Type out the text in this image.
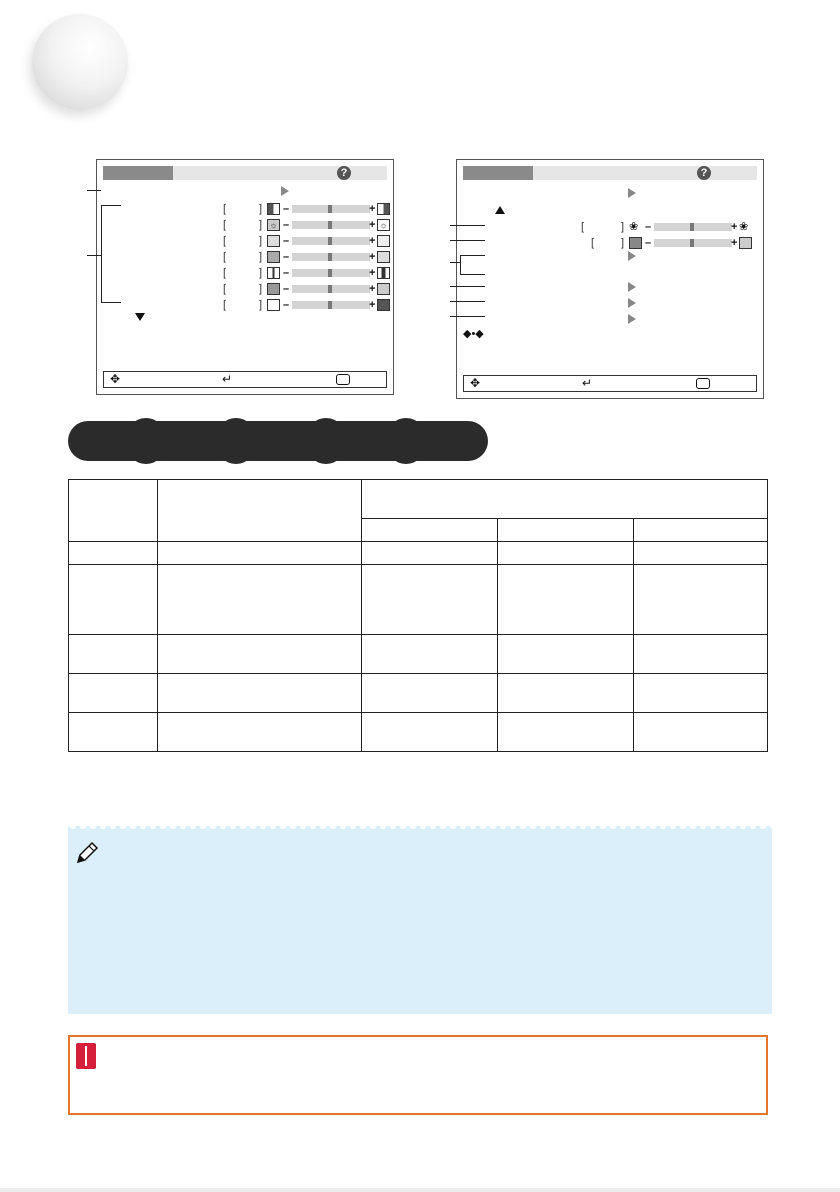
?
[	] –	+
[	] ☼ –	+ ☼
[	] –	+
[	] –	+
[	] –	+
[	] –	+
[	] –	+
✥	↵
?
[	] ❀ –	+ ❀
[ ] –	+
◆•◆
✥	↵
